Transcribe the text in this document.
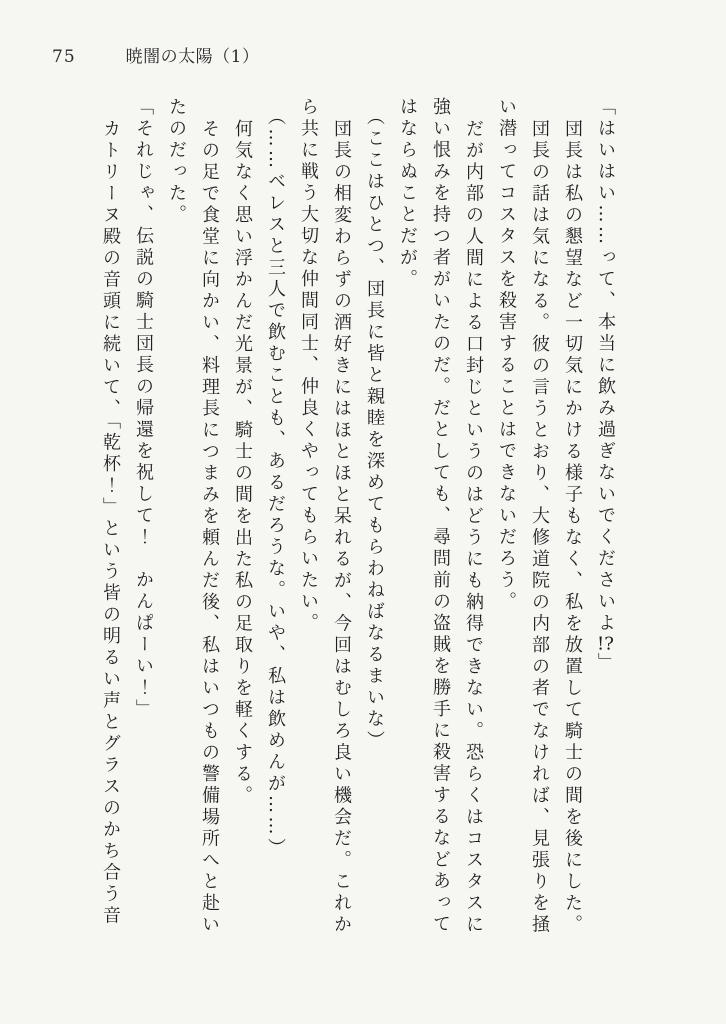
75	暁闇の太陽（1）

「はいはい……って、本当に飲み過ぎないでくださいよ!?」

団長は私の懇望など一切気にかける様子もなく、私を放置して騎士の間を後にした。

団長の話は気になる。彼の言うとおり、大修道院の内部の者でなければ、見張りを掻い潜ってコスタスを殺害することはできないだろう。

だが内部の人間による口封じというのはどうにも納得できない。恐らくはコスタスに強い恨みを持つ者がいたのだ。だとしても、尋問前の盗賊を勝手に殺害するなどあってはならぬことだが。

（ここはひとつ、団長に皆と親睦を深めてもらわねばなるまいな）

団長の相変わらずの酒好きにはほとほと呆れるが、今回はむしろ良い機会だ。これから共に戦う大切な仲間同士、仲良くやってもらいたい。

（……ベレスと三人で飲むことも、あるだろうな。いや、私は飲めんが……）

何気なく思い浮かんだ光景が、騎士の間を出た私の足取りを軽くする。

その足で食堂に向かい、料理長につまみを頼んだ後、私はいつもの警備場所へと赴いたのだった。

「それじゃ、伝説の騎士団長の帰還を祝して！　かんぱーい！」

カトリーヌ殿の音頭に続いて、「乾杯！」という皆の明るい声とグラスのかち合う音
